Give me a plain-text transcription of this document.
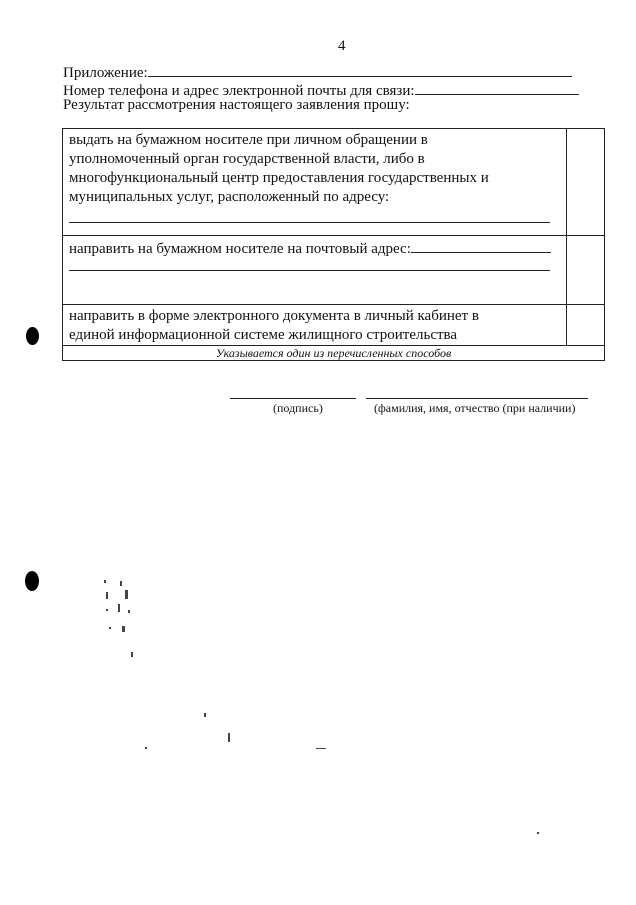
4
Приложение:
Номер телефона и адрес электронной почты для связи:
Результат рассмотрения настоящего заявления прошу:
выдать на бумажном носителе при личном обращении в
уполномоченный орган государственной власти, либо в
многофункциональный центр предоставления государственных и
муниципальных услуг, расположенный по адресу:	

направить на бумажном носителе на почтовый адрес:	

направить в форме электронного документа в личный кабинет в
единой информационной системе жилищного строительства	

Указывается один из перечисленных способов	
(подпись)	(фамилия, имя, отчество (при наличии)
